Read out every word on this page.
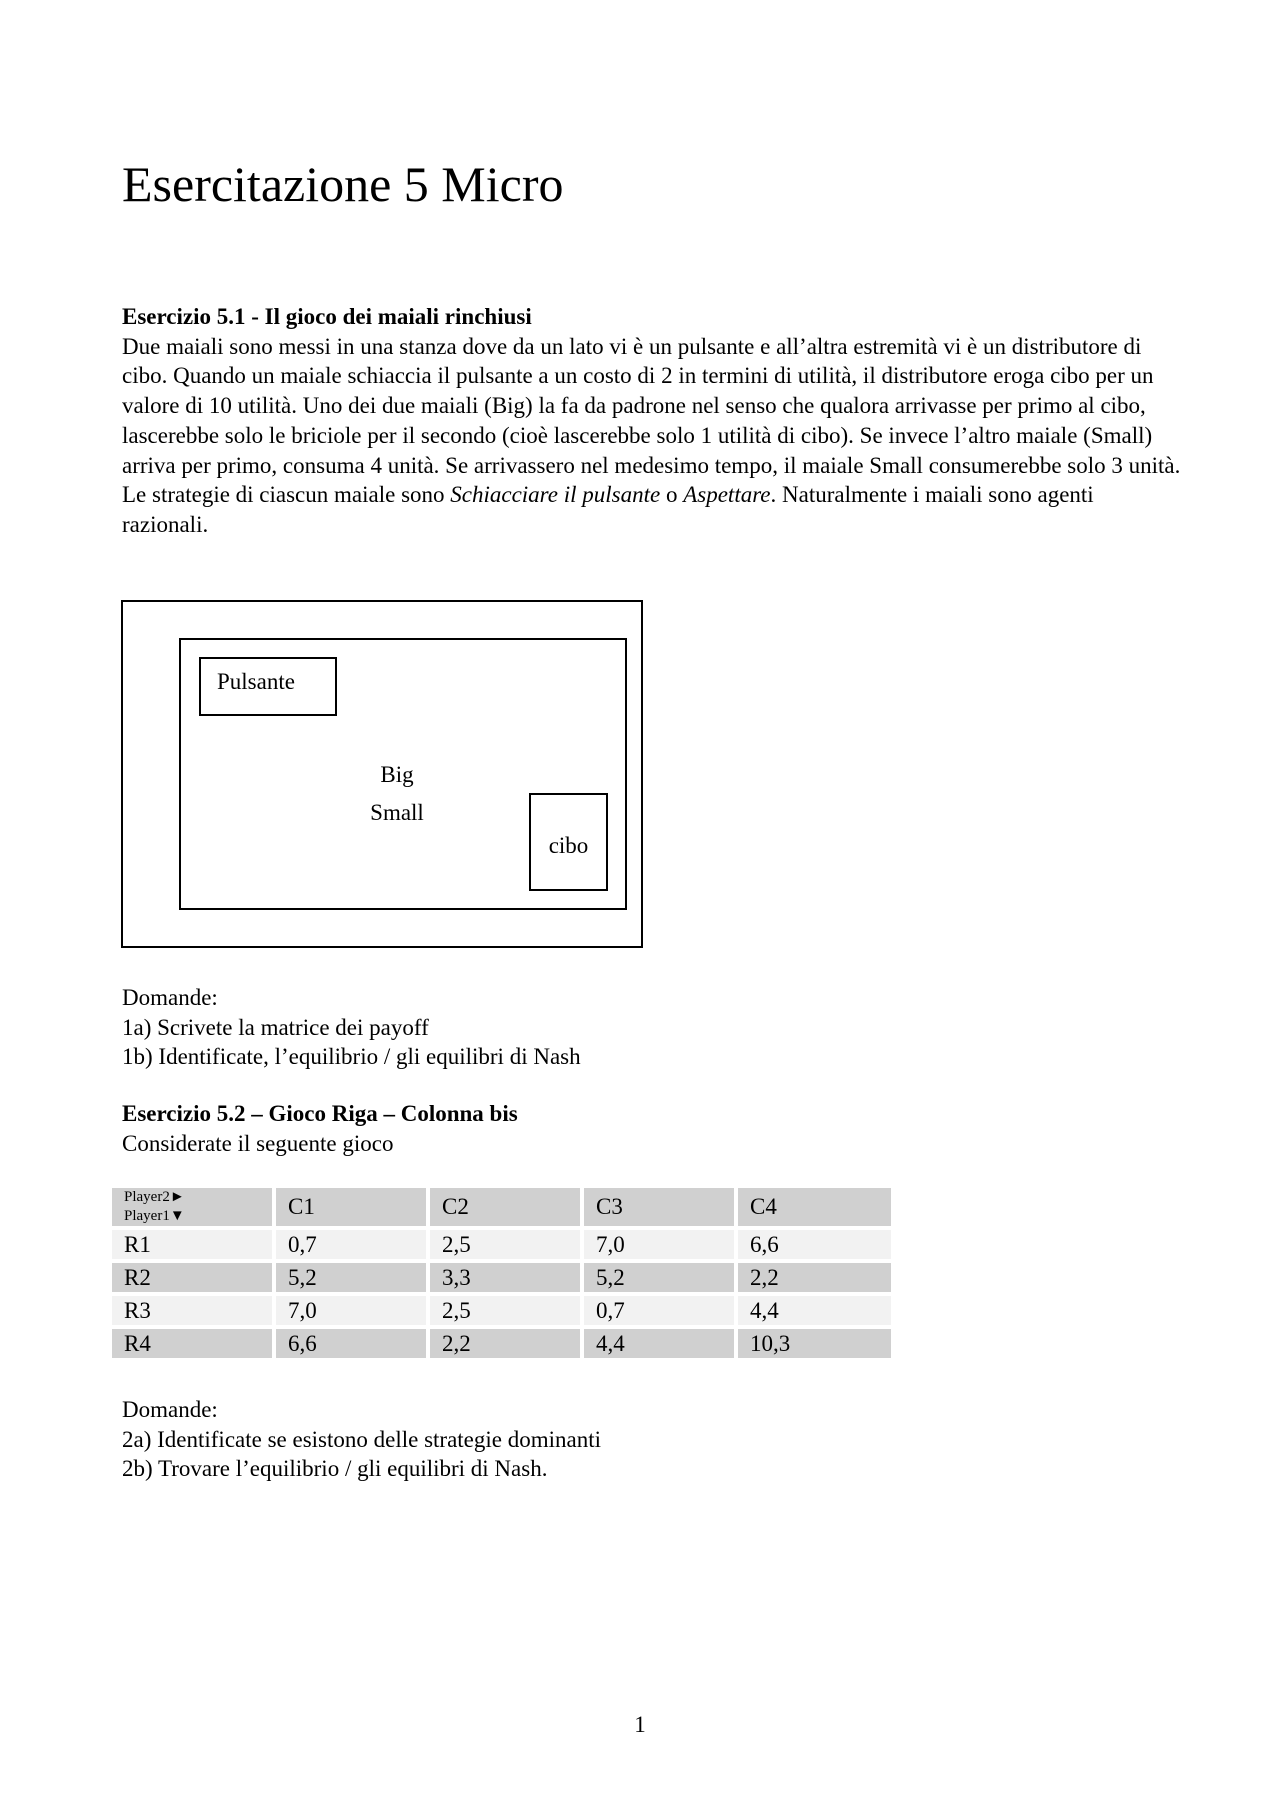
Esercitazione 5 Micro

Esercizio 5.1 - Il gioco dei maiali rinchiusi

Due maiali sono messi in una stanza dove da un lato vi è un pulsante e all’altra estremità vi è un distributore di cibo. Quando un maiale schiaccia il pulsante a un costo di 2 in termini di utilità, il distributore eroga cibo per un valore di 10 utilità. Uno dei due maiali (Big) la fa da padrone nel senso che qualora arrivasse per primo al cibo, lascerebbe solo le briciole per il secondo (cioè lascerebbe solo 1 utilità di cibo). Se invece l’altro maiale (Small) arriva per primo, consuma 4 unità. Se arrivassero nel medesimo tempo, il maiale Small consumerebbe solo 3 unità. Le strategie di ciascun maiale sono Schiacciare il pulsante o Aspettare. Naturalmente i maiali sono agenti razionali.

Pulsante
Big
Small
cibo

Domande:

1a) Scrivete la matrice dei payoff

1b) Identificate, l’equilibrio / gli equilibri di Nash

Esercizio 5.2 – Gioco Riga – Colonna bis

Considerate il seguente gioco

Player2►
Player1▼	C1	C2	C3	C4
R1	0,7	2,5	7,0	6,6
R2	5,2	3,3	5,2	2,2
R3	7,0	2,5	0,7	4,4
R4	6,6	2,2	4,4	10,3

Domande:

2a) Identificate se esistono delle strategie dominanti

2b) Trovare l’equilibrio / gli equilibri di Nash.

1
